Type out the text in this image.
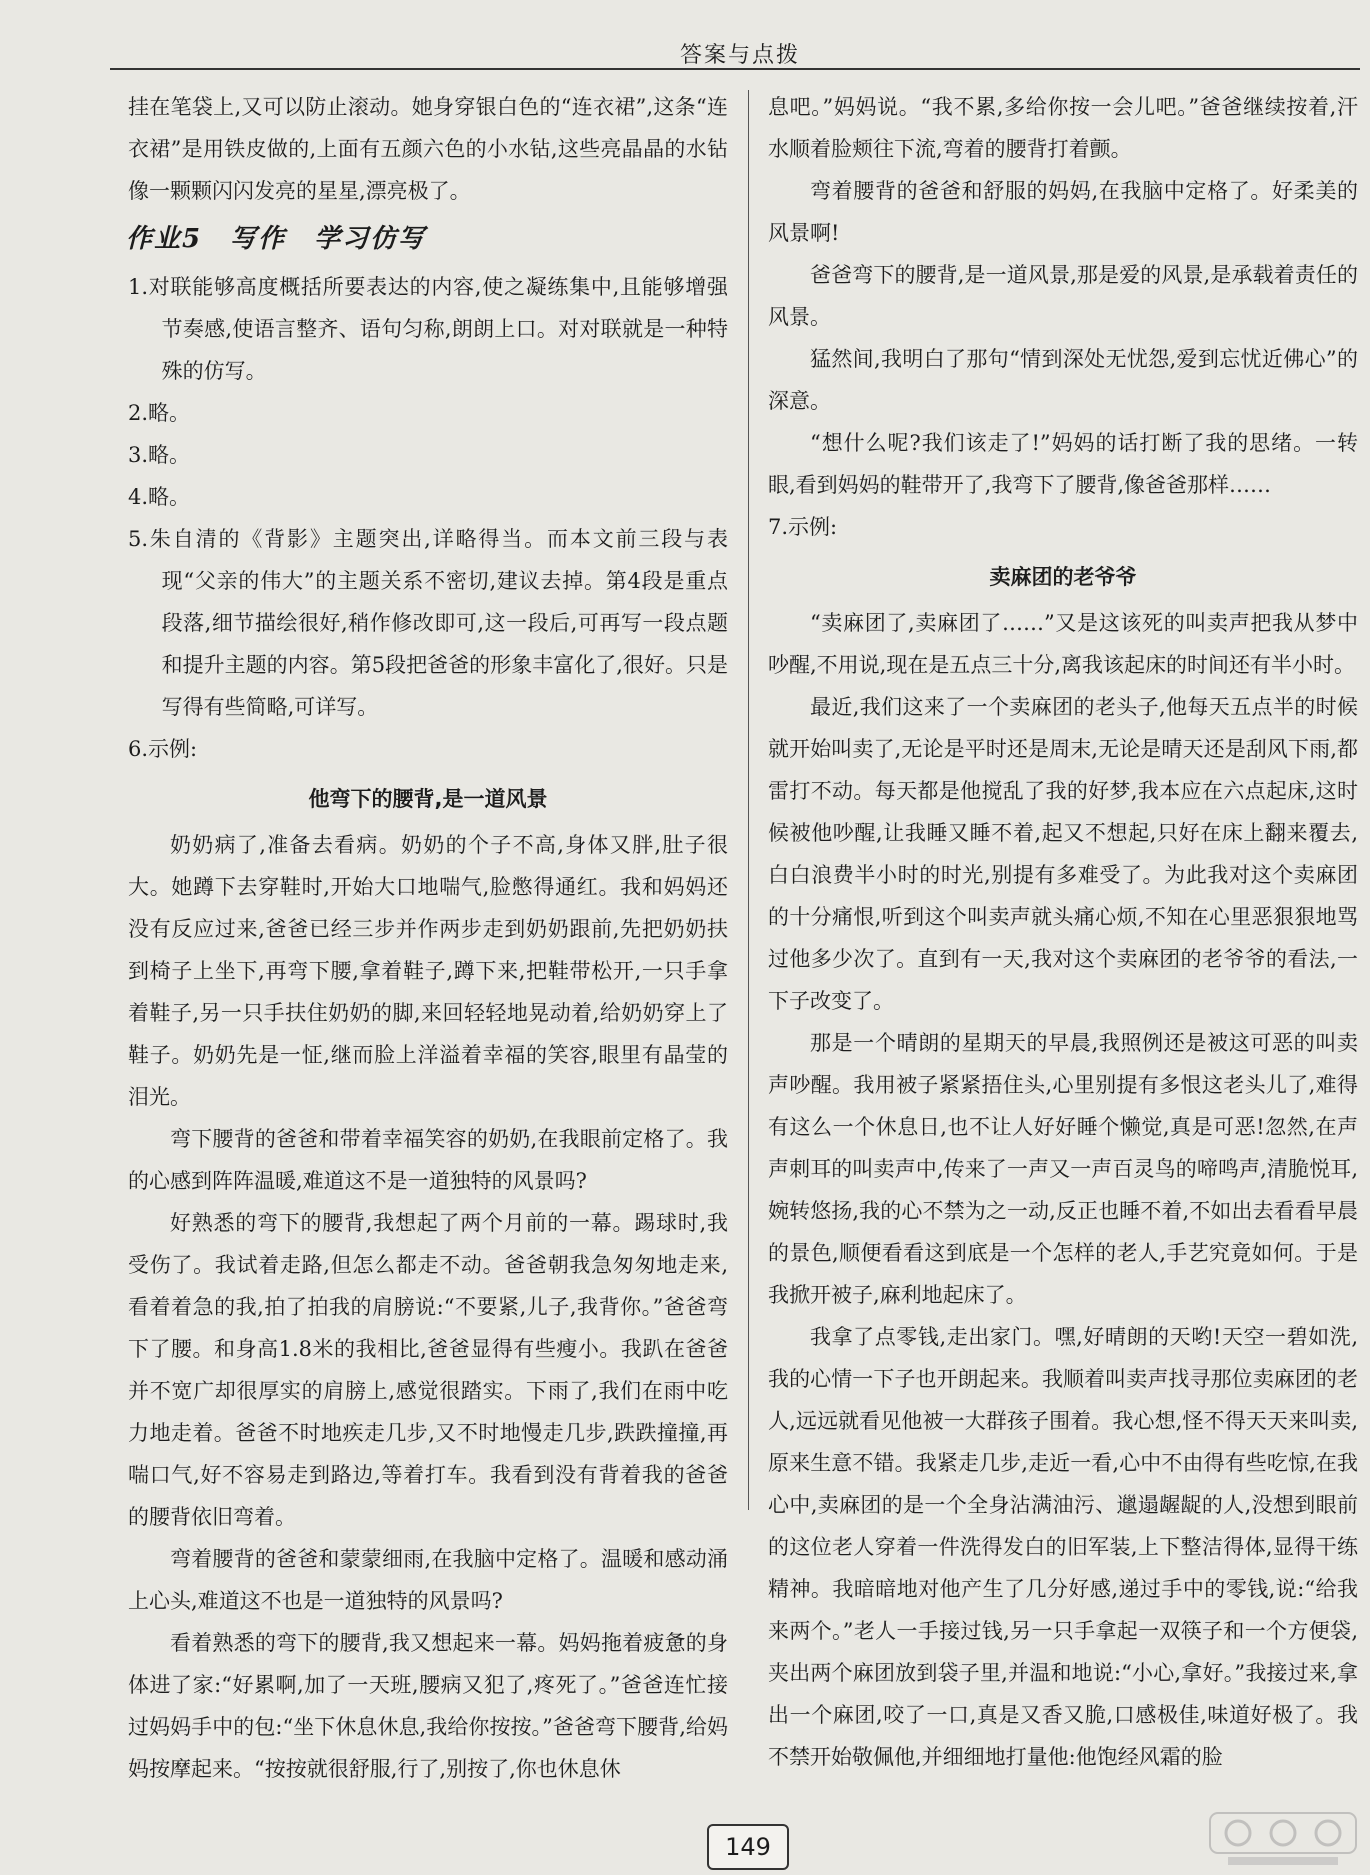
答案与点拨

挂在笔袋上,又可以防止滚动。她身穿银白色的“连衣裙”,这条“连衣裙”是用铁皮做的,上面有五颜六色的小水钻,这些亮晶晶的水钻像一颗颗闪闪发亮的星星,漂亮极了。

作业5　写作　学习仿写

1.对联能够高度概括所要表达的内容,使之凝练集中,且能够增强节奏感,使语言整齐、语句匀称,朗朗上口。对对联就是一种特殊的仿写。

2.略。

3.略。

4.略。

5.朱自清的《背影》主题突出,详略得当。而本文前三段与表现“父亲的伟大”的主题关系不密切,建议去掉。第4段是重点段落,细节描绘很好,稍作修改即可,这一段后,可再写一段点题和提升主题的内容。第5段把爸爸的形象丰富化了,很好。只是写得有些简略,可详写。

6.示例:

他弯下的腰背,是一道风景

奶奶病了,准备去看病。奶奶的个子不高,身体又胖,肚子很大。她蹲下去穿鞋时,开始大口地喘气,脸憋得通红。我和妈妈还没有反应过来,爸爸已经三步并作两步走到奶奶跟前,先把奶奶扶到椅子上坐下,再弯下腰,拿着鞋子,蹲下来,把鞋带松开,一只手拿着鞋子,另一只手扶住奶奶的脚,来回轻轻地晃动着,给奶奶穿上了鞋子。奶奶先是一怔,继而脸上洋溢着幸福的笑容,眼里有晶莹的泪光。

弯下腰背的爸爸和带着幸福笑容的奶奶,在我眼前定格了。我的心感到阵阵温暖,难道这不是一道独特的风景吗?

好熟悉的弯下的腰背,我想起了两个月前的一幕。踢球时,我受伤了。我试着走路,但怎么都走不动。爸爸朝我急匆匆地走来,看着着急的我,拍了拍我的肩膀说:“不要紧,儿子,我背你。”爸爸弯下了腰。和身高1.8米的我相比,爸爸显得有些瘦小。我趴在爸爸并不宽广却很厚实的肩膀上,感觉很踏实。下雨了,我们在雨中吃力地走着。爸爸不时地疾走几步,又不时地慢走几步,跌跌撞撞,再喘口气,好不容易走到路边,等着打车。我看到没有背着我的爸爸的腰背依旧弯着。

弯着腰背的爸爸和蒙蒙细雨,在我脑中定格了。温暖和感动涌上心头,难道这不也是一道独特的风景吗?

看着熟悉的弯下的腰背,我又想起来一幕。妈妈拖着疲惫的身体进了家:“好累啊,加了一天班,腰病又犯了,疼死了。”爸爸连忙接过妈妈手中的包:“坐下休息休息,我给你按按。”爸爸弯下腰背,给妈妈按摩起来。“按按就很舒服,行了,别按了,你也休息休

息吧。”妈妈说。“我不累,多给你按一会儿吧。”爸爸继续按着,汗水顺着脸颊往下流,弯着的腰背打着颤。

弯着腰背的爸爸和舒服的妈妈,在我脑中定格了。好柔美的风景啊!

爸爸弯下的腰背,是一道风景,那是爱的风景,是承载着责任的风景。

猛然间,我明白了那句“情到深处无忧怨,爱到忘忧近佛心”的深意。

“想什么呢?我们该走了!”妈妈的话打断了我的思绪。一转眼,看到妈妈的鞋带开了,我弯下了腰背,像爸爸那样……

7.示例:

卖麻团的老爷爷

“卖麻团了,卖麻团了……”又是这该死的叫卖声把我从梦中吵醒,不用说,现在是五点三十分,离我该起床的时间还有半小时。

最近,我们这来了一个卖麻团的老头子,他每天五点半的时候就开始叫卖了,无论是平时还是周末,无论是晴天还是刮风下雨,都雷打不动。每天都是他搅乱了我的好梦,我本应在六点起床,这时候被他吵醒,让我睡又睡不着,起又不想起,只好在床上翻来覆去,白白浪费半小时的时光,别提有多难受了。为此我对这个卖麻团的十分痛恨,听到这个叫卖声就头痛心烦,不知在心里恶狠狠地骂过他多少次了。直到有一天,我对这个卖麻团的老爷爷的看法,一下子改变了。

那是一个晴朗的星期天的早晨,我照例还是被这可恶的叫卖声吵醒。我用被子紧紧捂住头,心里别提有多恨这老头儿了,难得有这么一个休息日,也不让人好好睡个懒觉,真是可恶!忽然,在声声刺耳的叫卖声中,传来了一声又一声百灵鸟的啼鸣声,清脆悦耳,婉转悠扬,我的心不禁为之一动,反正也睡不着,不如出去看看早晨的景色,顺便看看这到底是一个怎样的老人,手艺究竟如何。于是我掀开被子,麻利地起床了。

我拿了点零钱,走出家门。嘿,好晴朗的天哟!天空一碧如洗,我的心情一下子也开朗起来。我顺着叫卖声找寻那位卖麻团的老人,远远就看见他被一大群孩子围着。我心想,怪不得天天来叫卖,原来生意不错。我紧走几步,走近一看,心中不由得有些吃惊,在我心中,卖麻团的是一个全身沾满油污、邋遢龌龊的人,没想到眼前的这位老人穿着一件洗得发白的旧军装,上下整洁得体,显得干练精神。我暗暗地对他产生了几分好感,递过手中的零钱,说:“给我来两个。”老人一手接过钱,另一只手拿起一双筷子和一个方便袋,夹出两个麻团放到袋子里,并温和地说:“小心,拿好。”我接过来,拿出一个麻团,咬了一口,真是又香又脆,口感极佳,味道好极了。我不禁开始敬佩他,并细细地打量他:他饱经风霜的脸

149
